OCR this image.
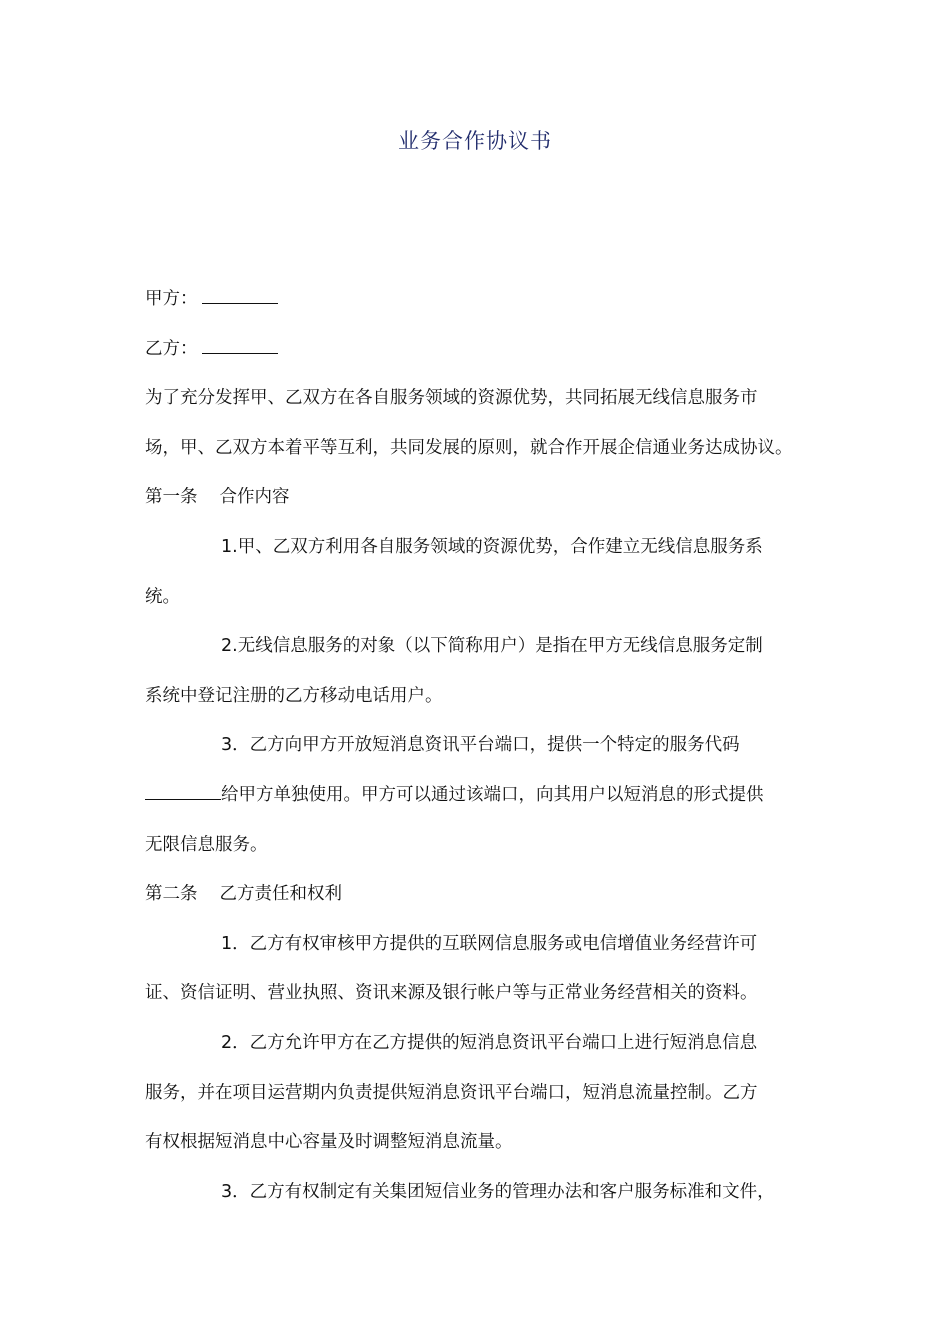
业务合作协议书
甲方：
乙方：
为了充分发挥甲、乙双方在各自服务领域的资源优势，共同拓展无线信息服务市
场，甲、乙双方本着平等互利，共同发展的原则，就合作开展企信通业务达成协议。
第一条 合作内容
1.甲、乙双方利用各自服务领域的资源优势，合作建立无线信息服务系
统。
2.无线信息服务的对象（以下简称用户）是指在甲方无线信息服务定制
系统中登记注册的乙方移动电话用户。
3．乙方向甲方开放短消息资讯平台端口，提供一个特定的服务代码
给甲方单独使用。甲方可以通过该端口，向其用户以短消息的形式提供
无限信息服务。
第二条 乙方责任和权利
1．乙方有权审核甲方提供的互联网信息服务或电信增值业务经营许可
证、资信证明、营业执照、资讯来源及银行帐户等与正常业务经营相关的资料。
2．乙方允许甲方在乙方提供的短消息资讯平台端口上进行短消息信息
服务，并在项目运营期内负责提供短消息资讯平台端口，短消息流量控制。乙方
有权根据短消息中心容量及时调整短消息流量。
3．乙方有权制定有关集团短信业务的管理办法和客户服务标准和文件，
